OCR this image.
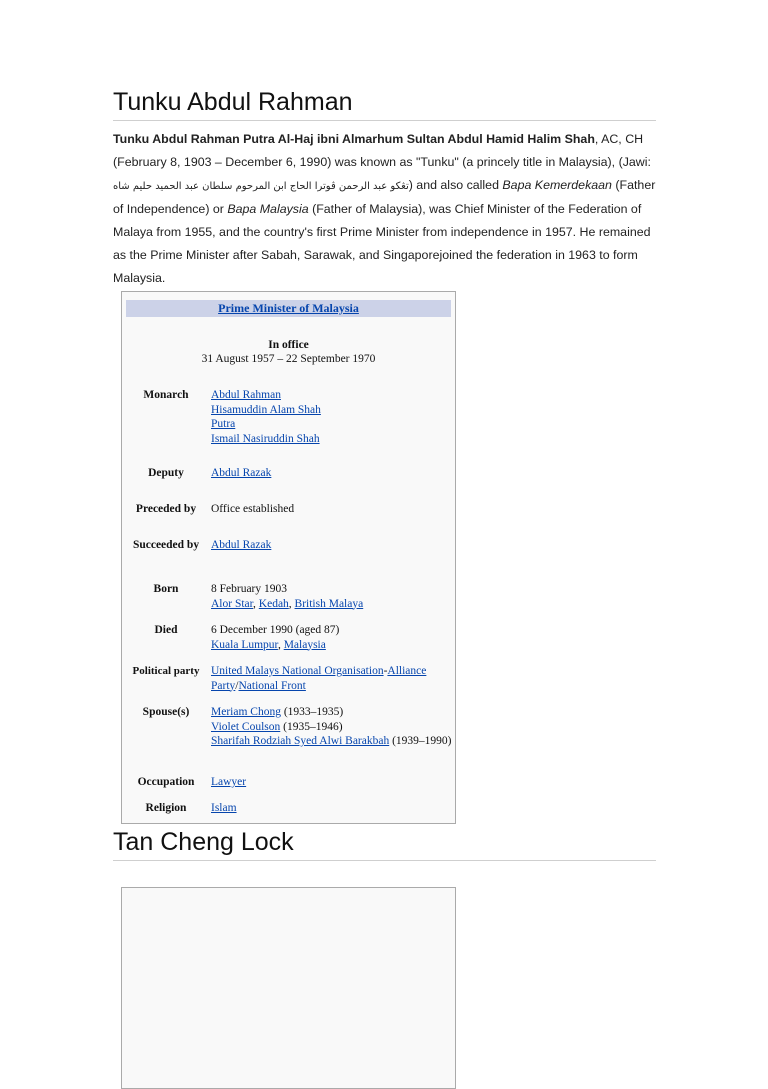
Tunku Abdul Rahman
Tunku Abdul Rahman Putra Al-Haj ibni Almarhum Sultan Abdul Hamid Halim Shah, AC, CH (February 8, 1903 – December 6, 1990) was known as "Tunku" (a princely title in Malaysia), (Jawi: تڠکو عبد الرحمن ڤوترا الحاج ابن المرحوم سلطان عبد الحميد حليم شاه) and also called Bapa Kemerdekaan (Father of Independence) or Bapa Malaysia (Father of Malaysia), was Chief Minister of the Federation of Malaya from 1955, and the country's first Prime Minister from independence in 1957. He remained as the Prime Minister after Sabah, Sarawak, and Singaporejoined the federation in 1963 to form Malaysia.
Prime Minister of Malaysia
In office
31 August 1957 – 22 September 1970
Monarch	Abdul Rahman
Hisamuddin Alam Shah
Putra
Ismail Nasiruddin Shah
Deputy	Abdul Razak
Preceded by	Office established
Succeeded by	Abdul Razak
Born	8 February 1903
Alor Star, Kedah, British Malaya
Died	6 December 1990 (aged 87)
Kuala Lumpur, Malaysia
Political party	United Malays National Organisation-Alliance Party/National Front
Spouse(s)	Meriam Chong (1933–1935)
Violet Coulson (1935–1946)
Sharifah Rodziah Syed Alwi Barakbah (1939–1990)
Occupation	Lawyer
Religion	Islam
Tan Cheng Lock
